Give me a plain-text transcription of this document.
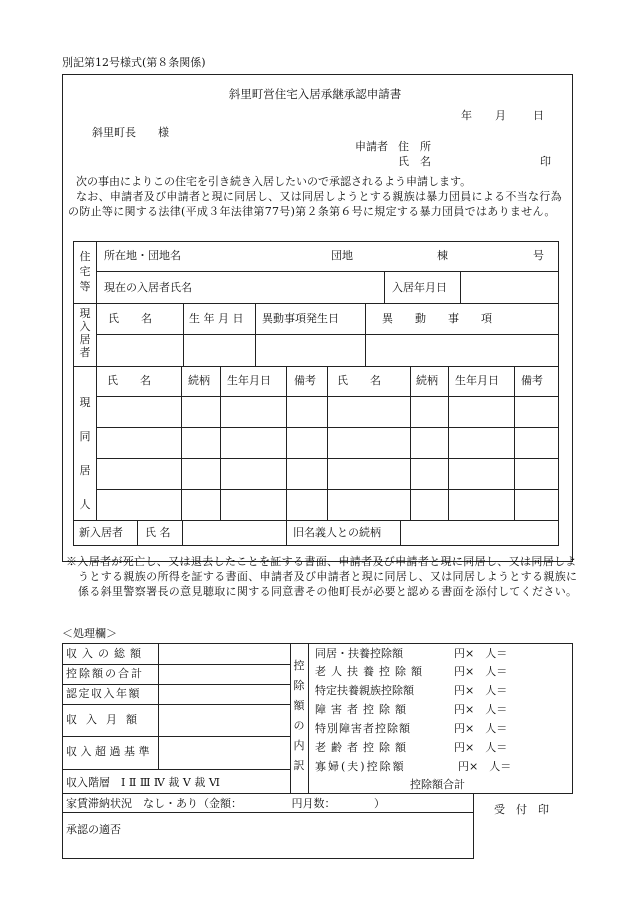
別記第12号様式(第８条関係)
斜里町営住宅入居承継承認申請書
年 月 日
斜里町長　　様
申請者 住　所
氏　名	印
次の事由によりこの住宅を引き続き入居したいので承認されるよう申請します。
なお、申請者及び申請者と現に同居し、又は同居しようとする親族は暴力団員による不当な行為の防止等に関する法律(平成３年法律第77号)第２条第６号に規定する暴力団員ではありません。
住宅等
所在地・団地名	団地	棟	号
現在の入居者氏名	入居年月日
現入居者
氏　　名	生 年 月 日 異動事項発生日	異　　動　　事　　項
現同居人
氏　　名	続柄 生年月日 備考 氏　　名	続柄 生年月日 備考
新入居者 氏 名	旧名義人との続柄
※入居者が死亡し、又は退去したことを証する書面、申請者及び申請者と現に同居し、又は同居しようとする親族の所得を証する書面、申請者及び申請者と現に同居し、又は同居しようとする親族に係る斜里警察署長の意見聴取に関する同意書その他町長が必要と認める書面を添付してください。
＜処理欄＞
収入の総額
控除額の合計
認定収入年額
収入月額
収入超過基準
収入階層　Ⅰ Ⅱ Ⅲ Ⅳ 裁 Ⅴ 裁 Ⅵ
控除額の内訳
同居・扶養控除額	円×　人＝
老人扶養控除額 円×　人＝
特定扶養親族控除額	円×　人＝
障害者控除額	円×　人＝
特別障害者控除額	円×　人＝
老齢者控除額	円×　人＝
寡婦(夫)控除額	円×　人＝
控除額合計
家賃滞納状況　なし・あり（金額：　　　　　円月数：　　　　）
承認の適否
受　付　印
